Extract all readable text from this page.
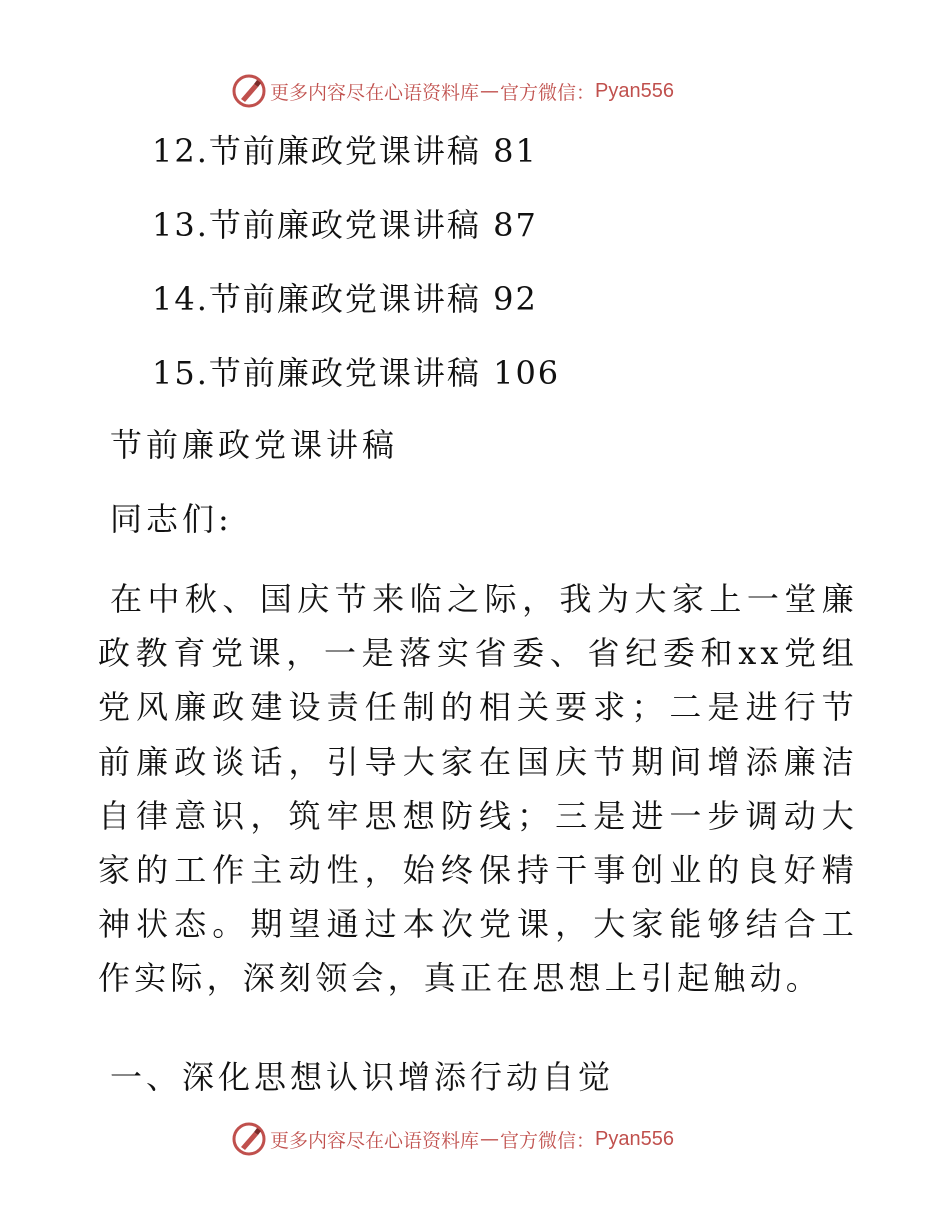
更多内容尽在心语资料库 — 官方微信： Pyan556
12.节前廉政党课讲稿 81
13.节前廉政党课讲稿 87
14.节前廉政党课讲稿 92
15.节前廉政党课讲稿 106
节前廉政党课讲稿
同志们:
在中秋、国庆节来临之际，我为大家上一堂廉政教育党课，一是落实省委、省纪委和xx党组党风廉政建设责任制的相关要求；二是进行节前廉政谈话，引导大家在国庆节期间增添廉洁自律意识，筑牢思想防线；三是进一步调动大家的工作主动性，始终保持干事创业的良好精神状态。期望通过本次党课，大家能够结合工作实际，深刻领会，真正在思想上引起触动。
一、深化思想认识增添行动自觉
更多内容尽在心语资料库 — 官方微信： Pyan556
